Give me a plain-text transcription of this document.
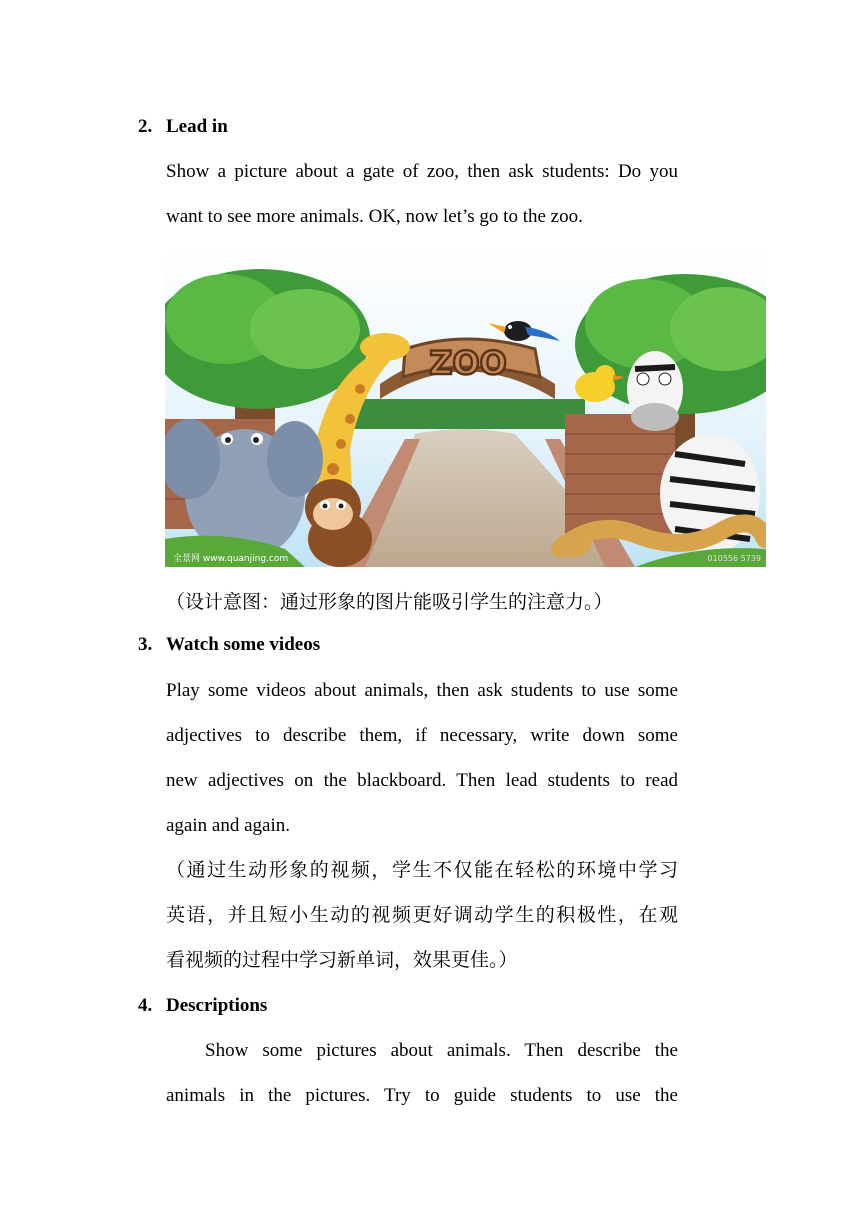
2. Lead in
Show a picture about a gate of zoo, then ask students: Do you
want to see more animals. OK, now let’s go to the zoo.
ZOO
全景网 www.quanjing.com	010556 5739
（设计意图：通过形象的图片能吸引学生的注意力。）
3. Watch some videos
Play some videos about animals, then ask students to use some
adjectives to describe them, if necessary, write down some
new adjectives on the blackboard. Then lead students to read
again and again.
（通过生动形象的视频，学生不仅能在轻松的环境中学习
英语，并且短小生动的视频更好调动学生的积极性，在观
看视频的过程中学习新单词，效果更佳。）
4. Descriptions
Show some pictures about animals. Then describe the
animals in the pictures. Try to guide students to use the
